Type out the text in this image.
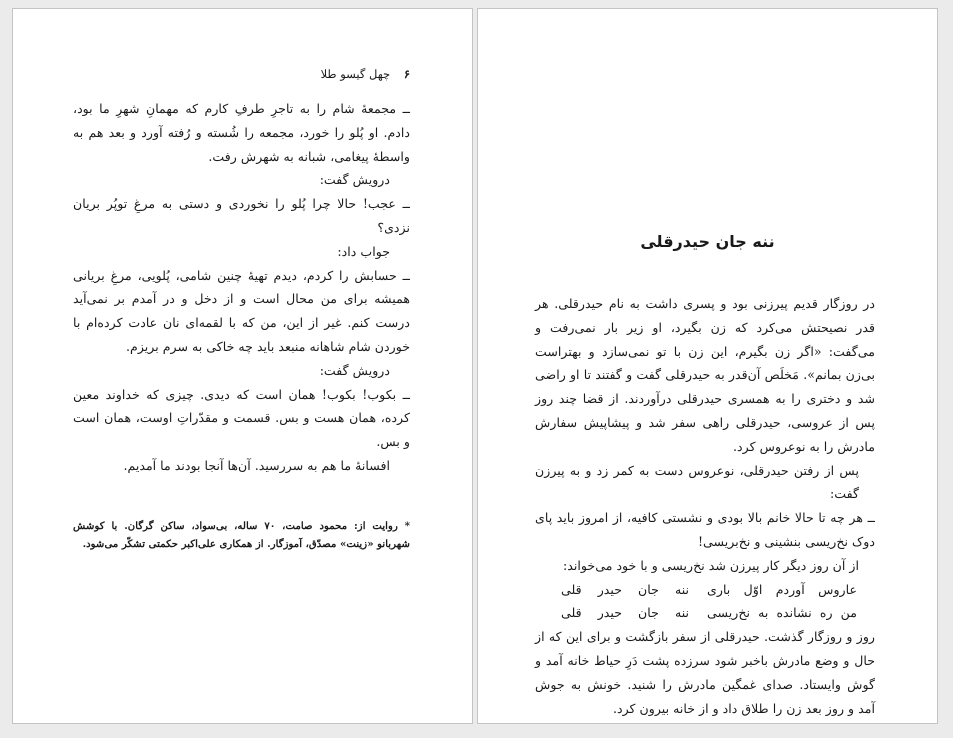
۶ چهل گیسو طلا

ــ مجمعهٔ شام را به تاجرِ طرفِ کارم که مهمانِ شهرِ ما بود، دادم. او پُلو را خورد، مجمعه را شُسته و رُفته آورد و بعد هم به واسطهٔ پیغامی، شبانه به شهرش رفت.

درویش گفت:

ــ عجب! حالا چرا پُلو را نخوردی و دستی به مرغِ توپُر بریان نزدی؟

جواب داد:

ــ حسابش را کردم، دیدم تهیهٔ چنین شامی، پُلویی، مرغِ بریانی همیشه برای من محال است و از دخل و در آمدم بر نمی‌آید درست کنم. غیر از این، من که با لقمه‌ای نان عادت کرده‌ام با خوردن شام شاهانه منبعد باید چه خاکی به سرم بریزم.

درویش گفت:

ــ بکوب! بکوب! همان است که دیدی. چیزی که خداوند معین کرده، همان هست و بس. قسمت و مقدّراتِ اوست، همان است و بس.

افسانهٔ ما هم به سررسید. آن‌ها آنجا بودند ما آمدیم.

* روایت از: محمود صامت، ۷۰ ساله، بی‌سواد، ساکن گرگان. با کوشش شهربانو «زینت» مصدّق، آموزگار. از همکاری علی‌اکبر حکمتی تشکّر می‌شود.

ننه جان حیدرقلی

در روزگار قدیم پیرزنی بود و پسری داشت به نام حیدرقلی. هر قدر نصیحتش می‌کرد که زن بگیرد، او زیر بار نمی‌رفت و می‌گفت: «اگر زن بگیرم، این زن با تو نمی‌سازد و بهتراست بی‌زن بمانم». مَخلَص آن‌قدر به حیدرقلی گفت و گفتند تا او راضی شد و دختری را به همسری حیدرقلی درآوردند. از قضا چند روز پس از عروسی، حیدرقلی راهی سفر شد و پیشاپیش سفارش مادرش را به نوعروس کرد.

پس از رفتن حیدرقلی، نوعروس دست به کمر زد و به پیرزن گفت:

ــ هر چه تا حالا خانم بالا بودی و نشستی کافیه، از امروز باید پای دوک نخ‌ریسی بنشینی و نخ‌بریسی!

از آن روز دیگر کار پیرزن شد نخ‌ریسی و با خود می‌خواند:

عاروس آوردم اوّل باری
ننه جان حیدر قلی
من ره نشانده به نخ‌ریسی
ننه جان حیدر قلی

روز و روزگار گذشت. حیدرقلی از سفر بازگشت و برای این که از حال و وضع مادرش باخبر شود سرزده پشت دَرِ حیاط خانه آمد و گوش وایستاد. صدای غمگین مادرش را شنید. خونش به جوش آمد و روز بعد زن را طلاق داد و از خانه بیرون کرد.
